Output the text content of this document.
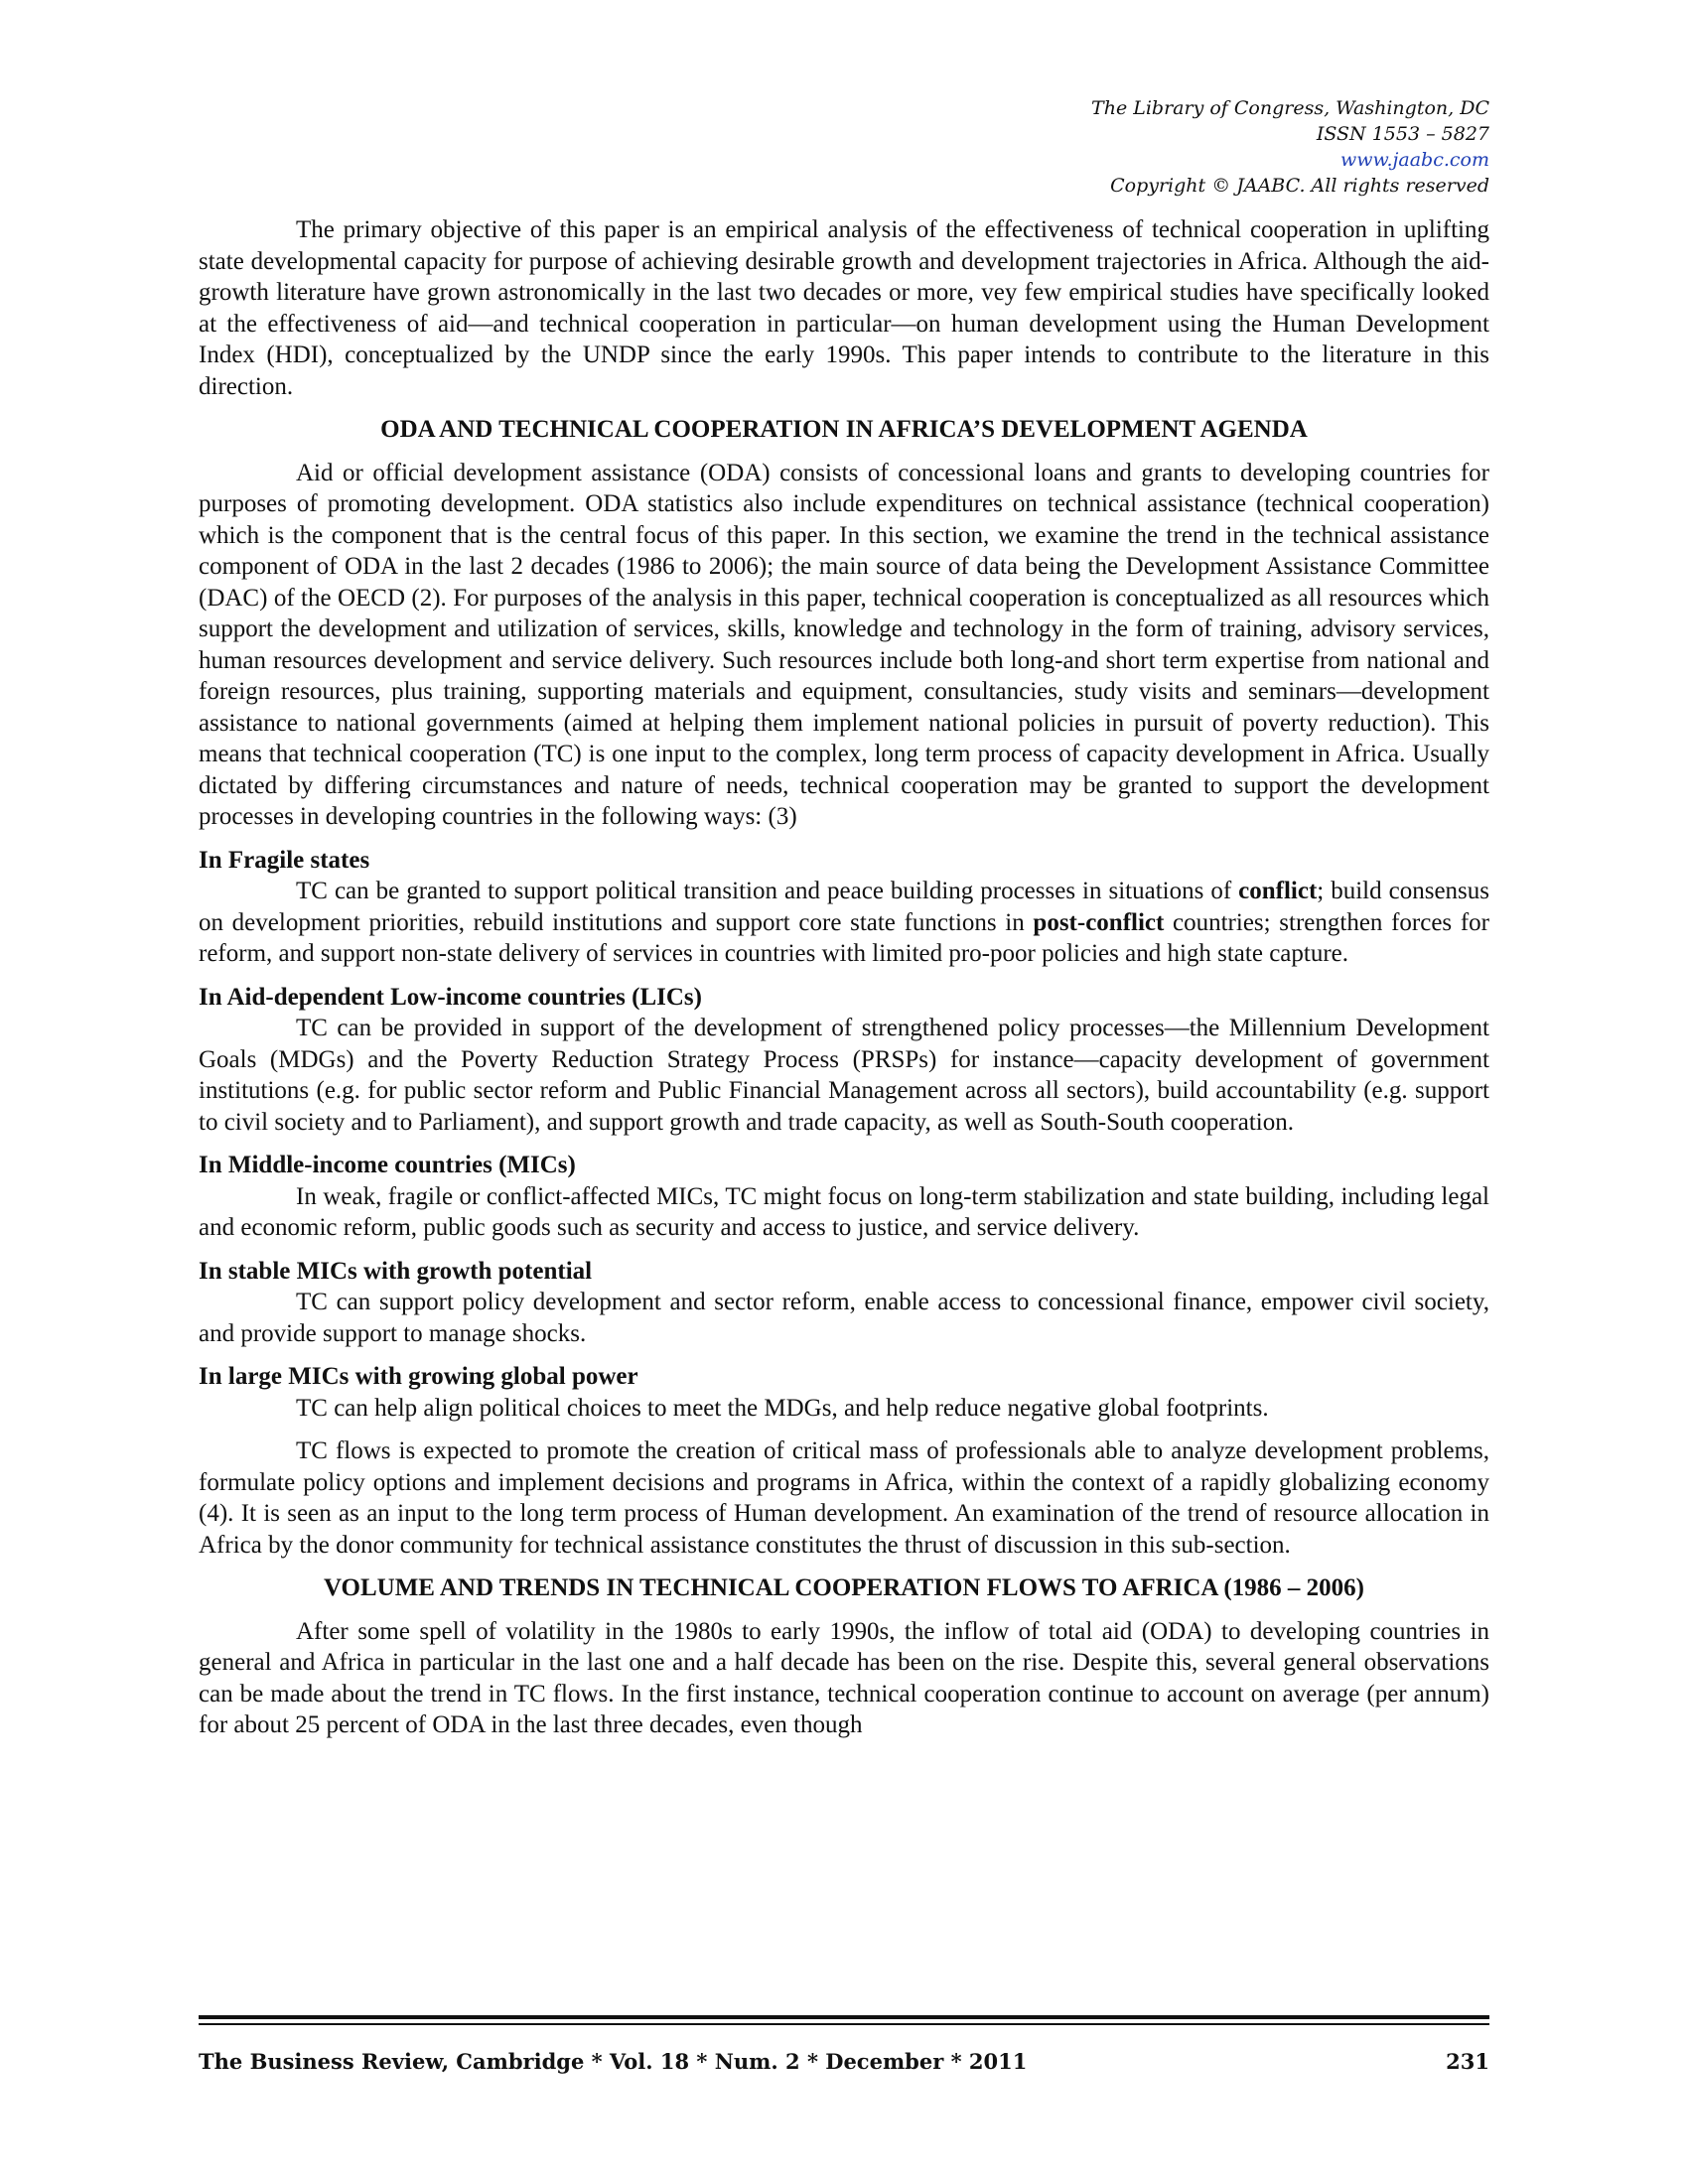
The Library of Congress, Washington, DC
ISSN 1553 – 5827
www.jaabc.com
Copyright © JAABC. All rights reserved

The primary objective of this paper is an empirical analysis of the effectiveness of technical cooperation in uplifting state developmental capacity for purpose of achieving desirable growth and development trajectories in Africa. Although the aid-growth literature have grown astronomically in the last two decades or more, vey few empirical studies have specifically looked at the effectiveness of aid—and technical cooperation in particular—on human development using the Human Development Index (HDI), conceptualized by the UNDP since the early 1990s. This paper intends to contribute to the literature in this direction.

ODA AND TECHNICAL COOPERATION IN AFRICA’S DEVELOPMENT AGENDA

Aid or official development assistance (ODA) consists of concessional loans and grants to developing countries for purposes of promoting development. ODA statistics also include expenditures on technical assistance (technical cooperation) which is the component that is the central focus of this paper. In this section, we examine the trend in the technical assistance component of ODA in the last 2 decades (1986 to 2006); the main source of data being the Development Assistance Committee (DAC) of the OECD (2). For purposes of the analysis in this paper, technical cooperation is conceptualized as all resources which support the development and utilization of services, skills, knowledge and technology in the form of training, advisory services, human resources development and service delivery. Such resources include both long-and short term expertise from national and foreign resources, plus training, supporting materials and equipment, consultancies, study visits and seminars—development assistance to national governments (aimed at helping them implement national policies in pursuit of poverty reduction). This means that technical cooperation (TC) is one input to the complex, long term process of capacity development in Africa. Usually dictated by differing circumstances and nature of needs, technical cooperation may be granted to support the development processes in developing countries in the following ways: (3)

In Fragile states

TC can be granted to support political transition and peace building processes in situations of conflict; build consensus on development priorities, rebuild institutions and support core state functions in post-conflict countries; strengthen forces for reform, and support non-state delivery of services in countries with limited pro-poor policies and high state capture.

In Aid-dependent Low-income countries (LICs)

TC can be provided in support of the development of strengthened policy processes—the Millennium Development Goals (MDGs) and the Poverty Reduction Strategy Process (PRSPs) for instance—capacity development of government institutions (e.g. for public sector reform and Public Financial Management across all sectors), build accountability (e.g. support to civil society and to Parliament), and support growth and trade capacity, as well as South-South cooperation.

In Middle-income countries (MICs)

In weak, fragile or conflict-affected MICs, TC might focus on long-term stabilization and state building, including legal and economic reform, public goods such as security and access to justice, and service delivery.

In stable MICs with growth potential

TC can support policy development and sector reform, enable access to concessional finance, empower civil society, and provide support to manage shocks.

In large MICs with growing global power

TC can help align political choices to meet the MDGs, and help reduce negative global footprints.

TC flows is expected to promote the creation of critical mass of professionals able to analyze development problems, formulate policy options and implement decisions and programs in Africa, within the context of a rapidly globalizing economy (4). It is seen as an input to the long term process of Human development. An examination of the trend of resource allocation in Africa by the donor community for technical assistance constitutes the thrust of discussion in this sub-section.

VOLUME AND TRENDS IN TECHNICAL COOPERATION FLOWS TO AFRICA (1986 – 2006)

After some spell of volatility in the 1980s to early 1990s, the inflow of total aid (ODA) to developing countries in general and Africa in particular in the last one and a half decade has been on the rise. Despite this, several general observations can be made about the trend in TC flows. In the first instance, technical cooperation continue to account on average (per annum) for about 25 percent of ODA in the last three decades, even though

The Business Review, Cambridge * Vol. 18 * Num. 2 * December * 2011	231
